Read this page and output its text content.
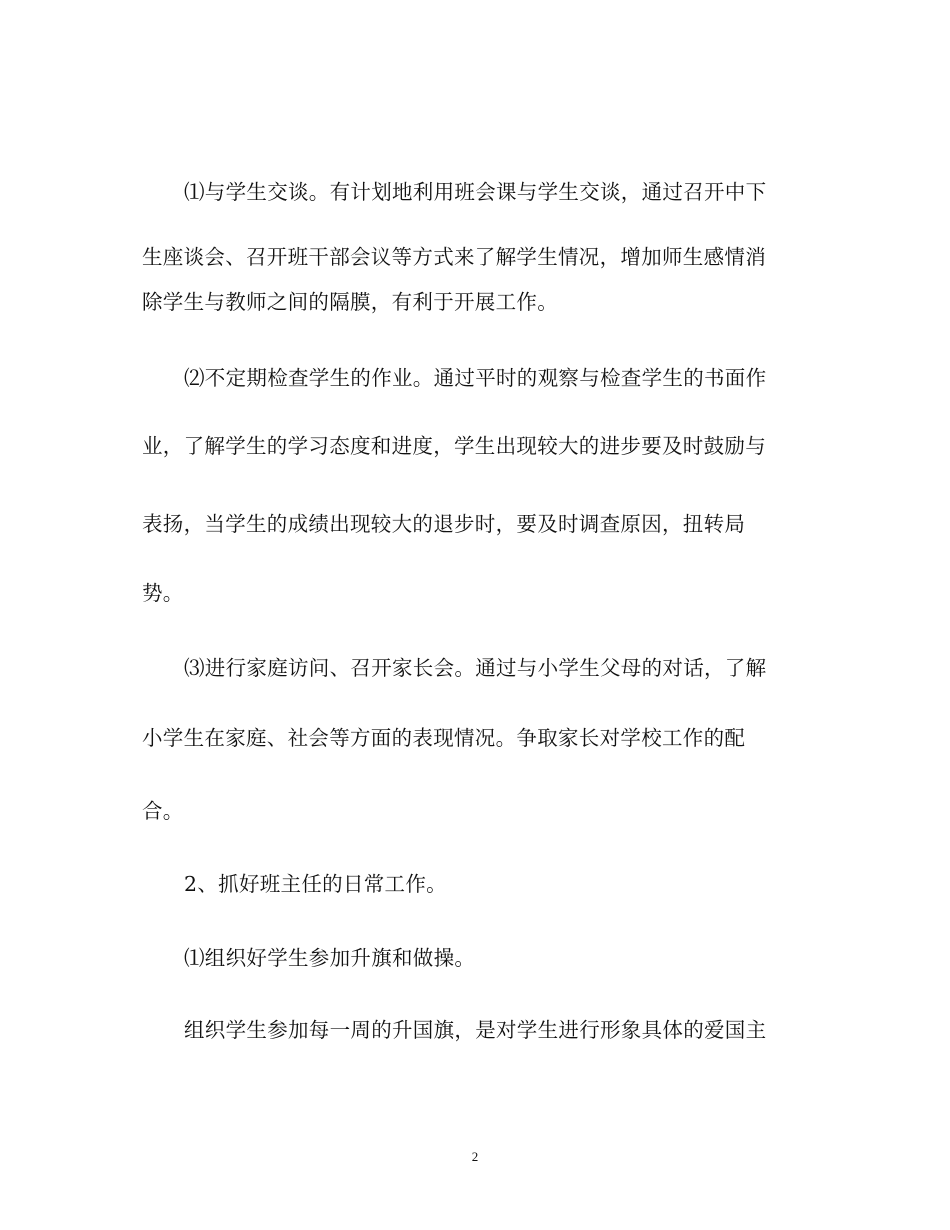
⑴与学生交谈。有计划地利用班会课与学生交谈，通过召开中下
生座谈会、召开班干部会议等方式来了解学生情况，增加师生感情消
除学生与教师之间的隔膜，有利于开展工作。
⑵不定期检查学生的作业。通过平时的观察与检查学生的书面作
业，了解学生的学习态度和进度，学生出现较大的进步要及时鼓励与
表扬，当学生的成绩出现较大的退步时，要及时调查原因，扭转局
势。
⑶进行家庭访问、召开家长会。通过与小学生父母的对话，了解
小学生在家庭、社会等方面的表现情况。争取家长对学校工作的配
合。
2、抓好班主任的日常工作。
⑴组织好学生参加升旗和做操。
组织学生参加每一周的升国旗，是对学生进行形象具体的爱国主
2
